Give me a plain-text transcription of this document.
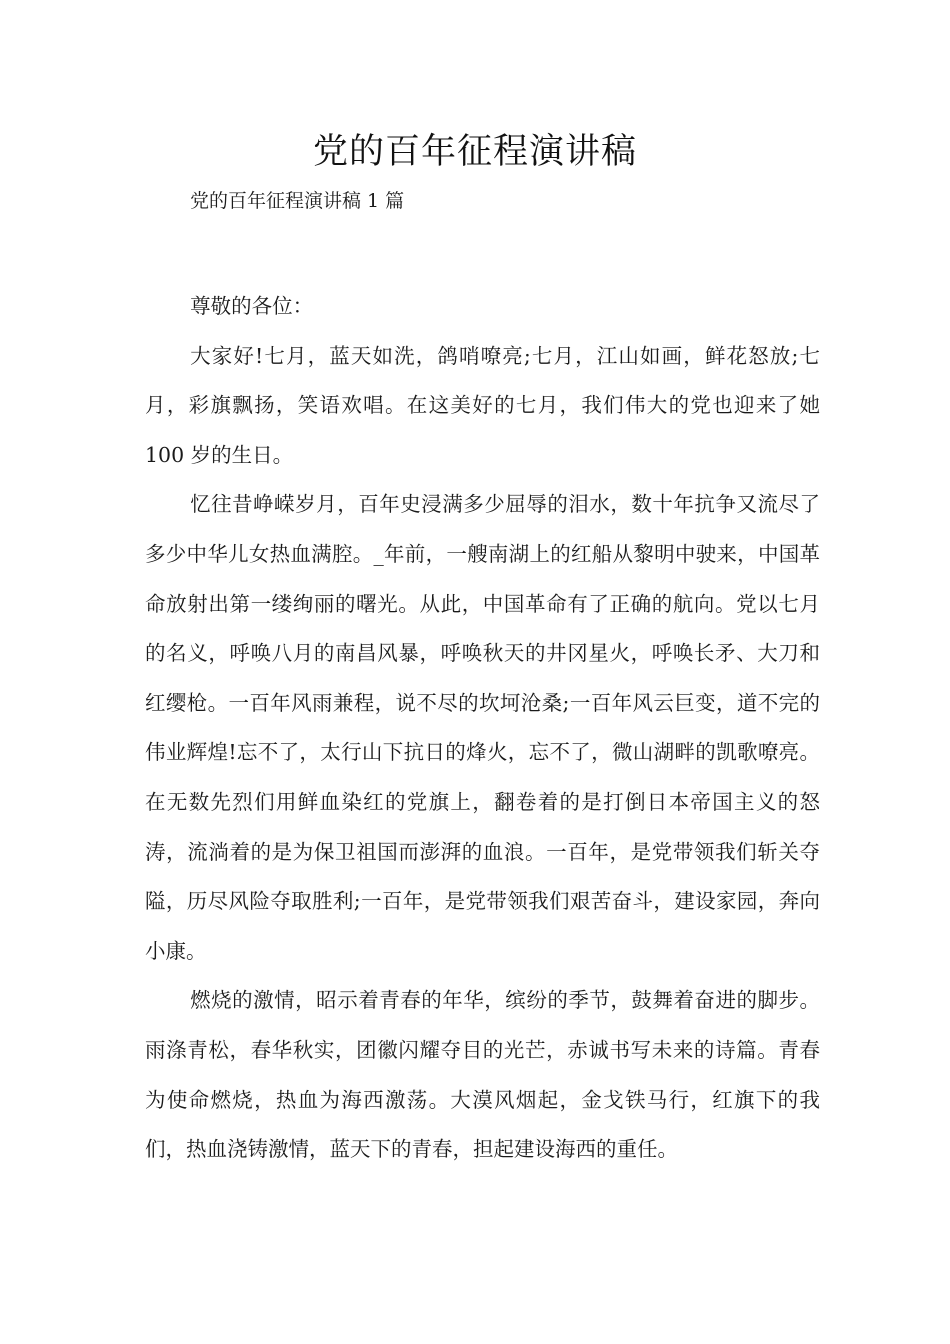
党的百年征程演讲稿
党的百年征程演讲稿 1 篇

尊敬的各位：

大家好!七月，蓝天如洗，鸽哨嘹亮;七月，江山如画，鲜花怒放;七月，彩旗飘扬，笑语欢唱。在这美好的七月，我们伟大的党也迎来了她 100 岁的生日。

忆往昔峥嵘岁月，百年史浸满多少屈辱的泪水，数十年抗争又流尽了多少中华儿女热血满腔。_年前，一艘南湖上的红船从黎明中驶来，中国革命放射出第一缕绚丽的曙光。从此，中国革命有了正确的航向。党以七月的名义，呼唤八月的南昌风暴，呼唤秋天的井冈星火，呼唤长矛、大刀和红缨枪。一百年风雨兼程，说不尽的坎坷沧桑;一百年风云巨变，道不完的伟业辉煌!忘不了，太行山下抗日的烽火，忘不了，微山湖畔的凯歌嘹亮。在无数先烈们用鲜血染红的党旗上，翻卷着的是打倒日本帝国主义的怒涛，流淌着的是为保卫祖国而澎湃的血浪。一百年，是党带领我们斩关夺隘，历尽风险夺取胜利;一百年，是党带领我们艰苦奋斗，建设家园，奔向小康。

燃烧的激情，昭示着青春的年华，缤纷的季节，鼓舞着奋进的脚步。雨涤青松，春华秋实，团徽闪耀夺目的光芒，赤诚书写未来的诗篇。青春为使命燃烧，热血为海西激荡。大漠风烟起，金戈铁马行，红旗下的我们，热血浇铸激情，蓝天下的青春，担起建设海西的重任。
